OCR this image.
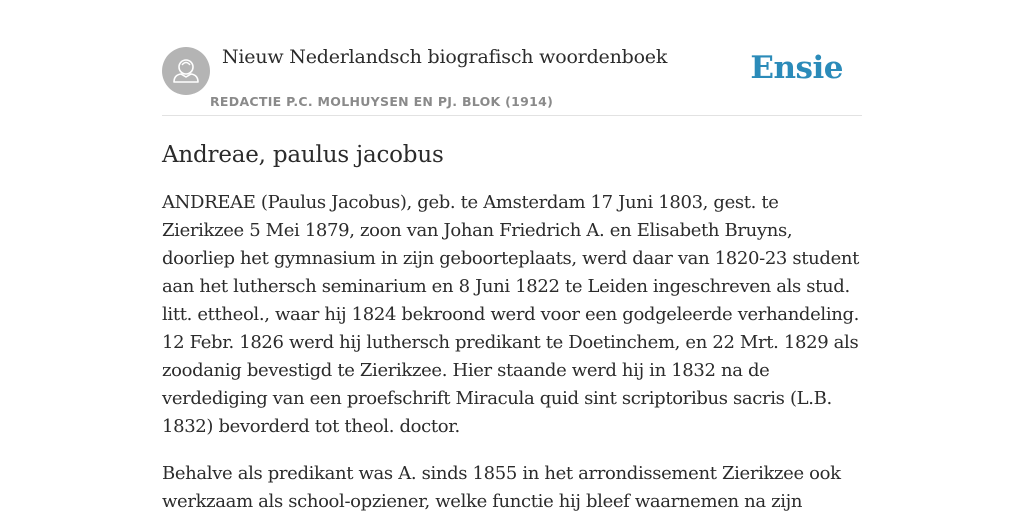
Nieuw Nederlandsch biografisch woordenboek
REDACTIE P.C. MOLHUYSEN EN PJ. BLOK (1914)
Ensie
Andreae, paulus jacobus

ANDREAE (Paulus Jacobus), geb. te Amsterdam 17 Juni 1803, gest. te Zierikzee 5 Mei 1879, zoon van Johan Friedrich A. en Elisabeth Bruyns, doorliep het gymnasium in zijn geboorteplaats, werd daar van 1820-23 student aan het luthersch seminarium en 8 Juni 1822 te Leiden ingeschreven als stud. litt. ettheol., waar hij 1824 bekroond werd voor een godgeleerde verhandeling. 12 Febr. 1826 werd hij luthersch predikant te Doetinchem, en 22 Mrt. 1829 als zoodanig bevestigd te Zierikzee. Hier staande werd hij in 1832 na de verdediging van een proefschrift Miracula quid sint scriptoribus sacris (L.B. 1832) bevorderd tot theol. doctor.

Behalve als predikant was A. sinds 1855 in het arrondissement Zierikzee ook werkzaam als school-opziener, welke functie hij bleef waarnemen na zijn
